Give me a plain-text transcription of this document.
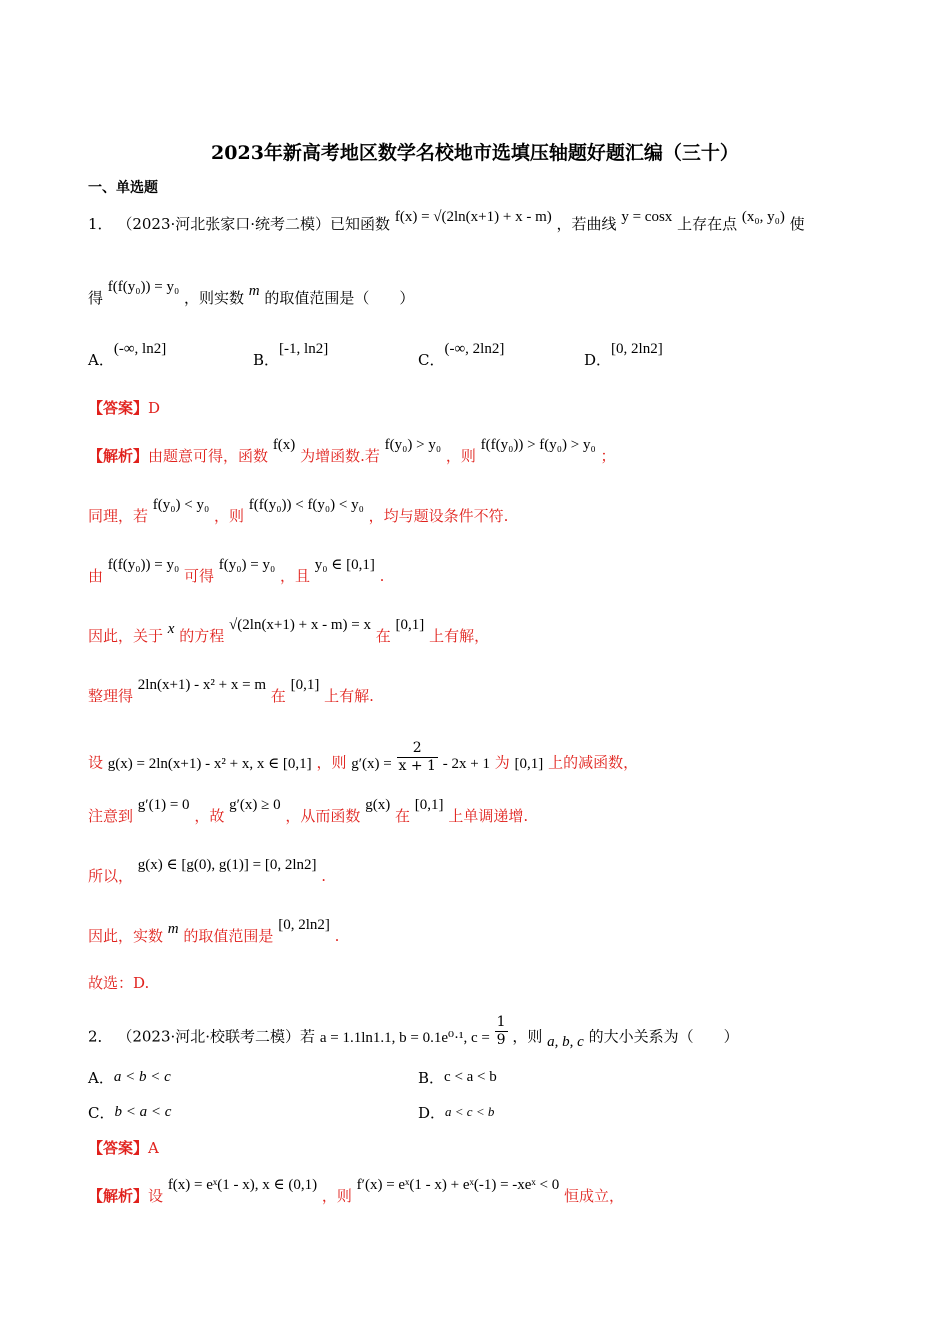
2023年新高考地区数学名校地市选填压轴题好题汇编（三十）
一、单选题
1． （2023·河北张家口·统考二模）已知函数 f(x) = √(2ln(x+1) + x - m) ，若曲线 y = cosx 上存在点 (x₀, y₀) 使
得 f(f(y₀)) = y₀ ，则实数 m 的取值范围是（　　）
A．(-∞, ln2]
B．[-1, ln2]
C．(-∞, 2ln2]
D．[0, 2ln2]
【答案】D
【解析】由题意可得，函数 f(x) 为增函数.若 f(y₀) > y₀ ，则 f(f(y₀)) > f(y₀) > y₀ ；
同理，若 f(y₀) < y₀ ，则 f(f(y₀)) < f(y₀) < y₀ ，均与题设条件不符.
由 f(f(y₀)) = y₀ 可得 f(y₀) = y₀ ，且 y₀ ∈ [0,1] .
因此，关于 x 的方程 √(2ln(x+1) + x - m) = x 在 [0,1] 上有解，
整理得 2ln(x+1) - x² + x = m 在 [0,1] 上有解.
设 g(x) = 2ln(x+1) - x² + x, x ∈ [0,1] ，则 $g'(x) = \frac{2}{x + 1} - 2x + 1$ 为 [0,1] 上的减函数，
注意到 g′(1) = 0 ，故 g′(x) ≥ 0 ，从而函数 g(x) 在 [0,1] 上单调递增.
所以， g(x) ∈ [g(0), g(1)] = [0, 2ln2] .
因此，实数 m 的取值范围是 [0, 2ln2] .
故选：D.
2． （2023·河北·校联考二模）若 a = 1.1ln1.1, b = 0.1e⁰·¹, $c = \frac{1}{9}$ ，则 a, b, c 的大小关系为（　　）
A．a < b < c	B．c < a < b
C．b < a < c	D．a < c < b
【答案】A
【解析】设 f(x) = eˣ(1 - x), x ∈ (0,1) ，则 f′(x) = eˣ(1 - x) + eˣ(-1) = -xeˣ < 0 恒成立，
